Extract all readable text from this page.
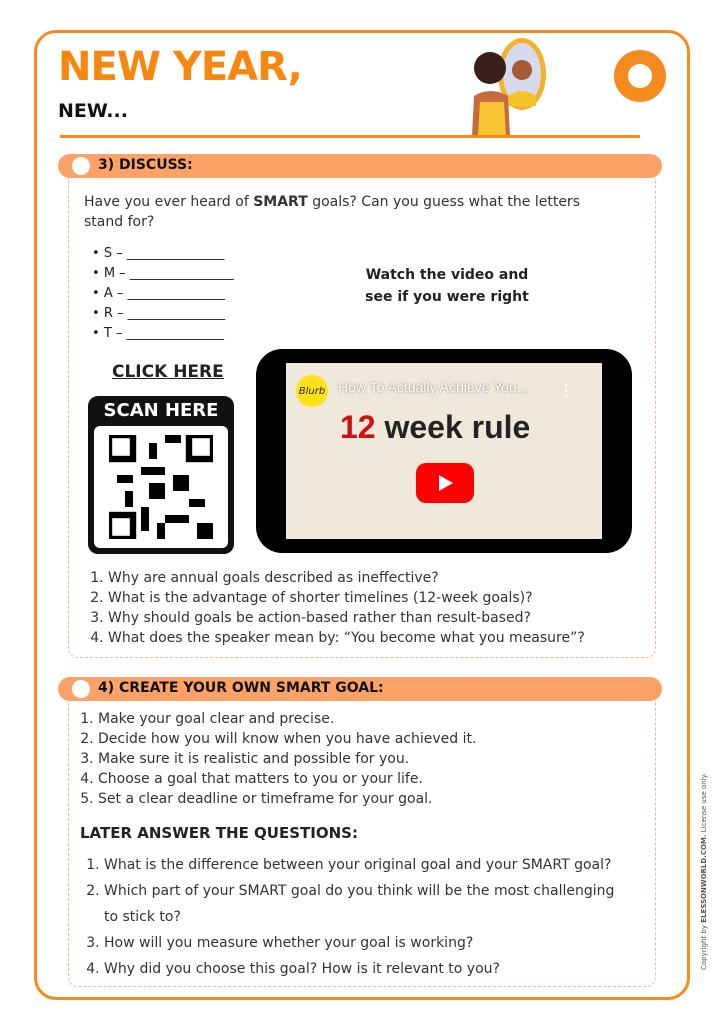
NEW YEAR,
NEW...
3) DISCUSS:
Have you ever heard of SMART goals? Can you guess what the letters stand for?
• S – _______________
• M – ________________
• A – _______________
• R – _______________
• T – _______________
Watch the video and see if you were right
CLICK HERE
SCAN HERE	12 week rule
Blurb How To Actually Achieve You... ⋮
1. Why are annual goals described as ineffective?
2. What is the advantage of shorter timelines (12-week goals)?
3. Why should goals be action-based rather than result-based?
4. What does the speaker mean by: “You become what you measure”?
4) CREATE YOUR OWN SMART GOAL:
1. Make your goal clear and precise.
2. Decide how you will know when you have achieved it.
3. Make sure it is realistic and possible for you.
4. Choose a goal that matters to you or your life.
5. Set a clear deadline or timeframe for your goal.
LATER ANSWER THE QUESTIONS:
1. What is the difference between your original goal and your SMART goal?
2. Which part of your SMART goal do you think will be the most challenging to stick to?
3. How will you measure whether your goal is working?
4. Why did you choose this goal? How is it relevant to you?	Copyright by ELESSONWORLD.COM. License use only.
